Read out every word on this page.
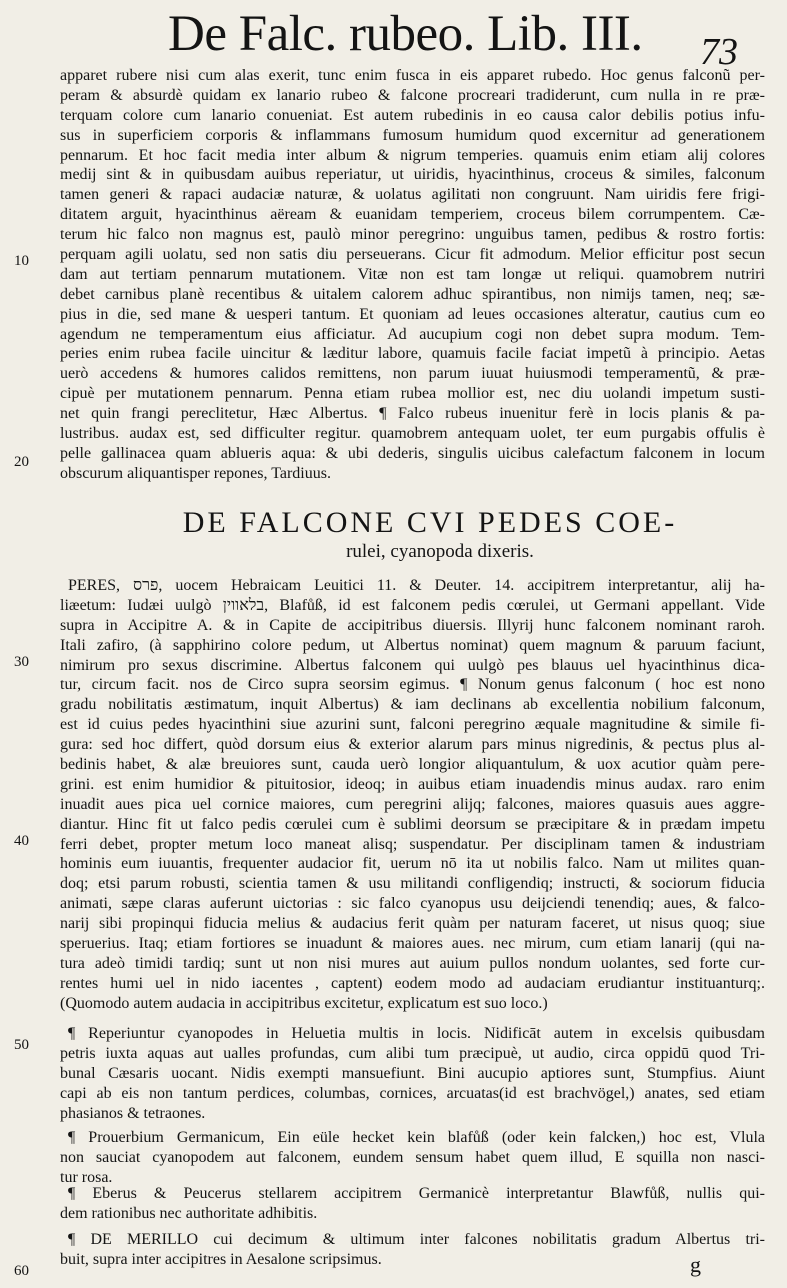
De Falc. rubeo. Lib. III. 73
10
20
30
40
50
60
apparet rubere nisi cum alas exerit, tunc enim fusca in eis apparet rubedo. Hoc genus falconũ per-
peram & absurdè quidam ex lanario rubeo & falcone procreari tradiderunt, cum nulla in re præ-
terquam colore cum lanario conueniat. Est autem rubedinis in eo causa calor debilis potius infu-
sus in superficiem corporis & inflammans fumosum humidum quod excernitur ad generationem
pennarum. Et hoc facit media inter album & nigrum temperies. quamuis enim etiam alij colores
medij sint & in quibusdam auibus reperiatur, ut uiridis, hyacinthinus, croceus & similes, falconum
tamen generi & rapaci audaciæ naturæ, & uolatus agilitati non congruunt. Nam uiridis fere frigi-
ditatem arguit, hyacinthinus aëream & euanidam temperiem, croceus bilem corrumpentem. Cæ-
terum hic falco non magnus est, paulò minor peregrino: unguibus tamen, pedibus & rostro fortis:
perquam agili uolatu, sed non satis diu perseuerans. Cicur fit admodum. Melior efficitur post secun
dam aut tertiam pennarum mutationem. Vitæ non est tam longæ ut reliqui. quamobrem nutriri
debet carnibus planè recentibus & uitalem calorem adhuc spirantibus, non nimijs tamen, neq; sæ-
pius in die, sed mane & uesperi tantum. Et quoniam ad leues occasiones alteratur, cautius cum eo
agendum ne temperamentum eius afficiatur. Ad aucupium cogi non debet supra modum. Tem-
peries enim rubea facile uincitur & læditur labore, quamuis facile faciat impetũ à principio. Aetas
uerò accedens & humores calidos remittens, non parum iuuat huiusmodi temperamentũ, & præ-
cipuè per mutationem pennarum. Penna etiam rubea mollior est, nec diu uolandi impetum susti-
net quin frangi pereclitetur, Hæc Albertus. ¶ Falco rubeus inuenitur ferè in locis planis & pa-
lustribus. audax est, sed difficulter regitur. quamobrem antequam uolet, ter eum purgabis offulis è
pelle gallinacea quam ablueris aqua: & ubi dederis, singulis uicibus calefactum falconem in locum
obscurum aliquantisper repones, Tardiuus.
DE FALCONE CVI PEDES COE-
rulei, cyanopoda dixeris.
PERES, פרס, uocem Hebraicam Leuitici 11. & Deuter. 14. accipitrem interpretantur, alij ha-
liæetum: Iudæi uulgò בלאווין, Blafůß, id est falconem pedis cœrulei, ut Germani appellant. Vide
supra in Accipitre A. & in Capite de accipitribus diuersis. Illyrij hunc falconem nominant raroh.
Itali zafiro, (à sapphirino colore pedum, ut Albertus nominat) quem magnum & paruum faciunt,
nimirum pro sexus discrimine. Albertus falconem qui uulgò pes blauus uel hyacinthinus dica-
tur, circum facit. nos de Circo supra seorsim egimus. ¶ Nonum genus falconum ( hoc est nono
gradu nobilitatis æstimatum, inquit Albertus) & iam declinans ab excellentia nobilium falconum,
est id cuius pedes hyacinthini siue azurini sunt, falconi peregrino æquale magnitudine & simile fi-
gura: sed hoc differt, quòd dorsum eius & exterior alarum pars minus nigredinis, & pectus plus al-
bedinis habet, & alæ breuiores sunt, cauda uerò longior aliquantulum, & uox acutior quàm pere-
grini. est enim humidior & pituitosior, ideoq; in auibus etiam inuadendis minus audax. raro enim
inuadit aues pica uel cornice maiores, cum peregrini alijq; falcones, maiores quasuis aues aggre-
diantur. Hinc fit ut falco pedis cœrulei cum è sublimi deorsum se præcipitare & in prædam impetu
ferri debet, propter metum loco maneat alisq; suspendatur. Per disciplinam tamen & industriam
hominis eum iuuantis, frequenter audacior fit, uerum nō ita ut nobilis falco. Nam ut milites quan-
doq; etsi parum robusti, scientia tamen & usu militandi confligendiq; instructi, & sociorum fiducia
animati, sæpe claras auferunt uictorias : sic falco cyanopus usu deijciendi tenendiq; aues, & falco-
narij sibi propinqui fiducia melius & audacius ferit quàm per naturam faceret, ut nisus quoq; siue
speruerius. Itaq; etiam fortiores se inuadunt & maiores aues. nec mirum, cum etiam lanarij (qui na-
tura adeò timidi tardiq; sunt ut non nisi mures aut auium pullos nondum uolantes, sed forte cur-
rentes humi uel in nido iacentes , captent) eodem modo ad audaciam erudiantur instituanturq;.
(Quomodo autem audacia in accipitribus excitetur, explicatum est suo loco.)
¶ Reperiuntur cyanopodes in Heluetia multis in locis. Nidificāt autem in excelsis quibusdam
petris iuxta aquas aut ualles profundas, cum alibi tum præcipuè, ut audio, circa oppidū quod Tri-
bunal Cæsaris uocant. Nidis exempti mansuefiunt. Bini aucupio aptiores sunt, Stumpfius. Aiunt
capi ab eis non tantum perdices, columbas, cornices, arcuatas(id est brachvögel,) anates, sed etiam
phasianos & tetraones.
¶ Prouerbium Germanicum, Ein eüle hecket kein blafůß (oder kein falcken,) hoc est, Vlula
non sauciat cyanopodem aut falconem, eundem sensum habet quem illud, E squilla non nasci-
tur rosa.
¶ Eberus & Peucerus stellarem accipitrem Germanicè interpretantur Blawfůß, nullis qui-
dem rationibus nec authoritate adhibitis.
¶ DE MERILLO cui decimum & ultimum inter falcones nobilitatis gradum Albertus tri-
buit, supra inter accipitres in Aesalone scripsimus.	g
